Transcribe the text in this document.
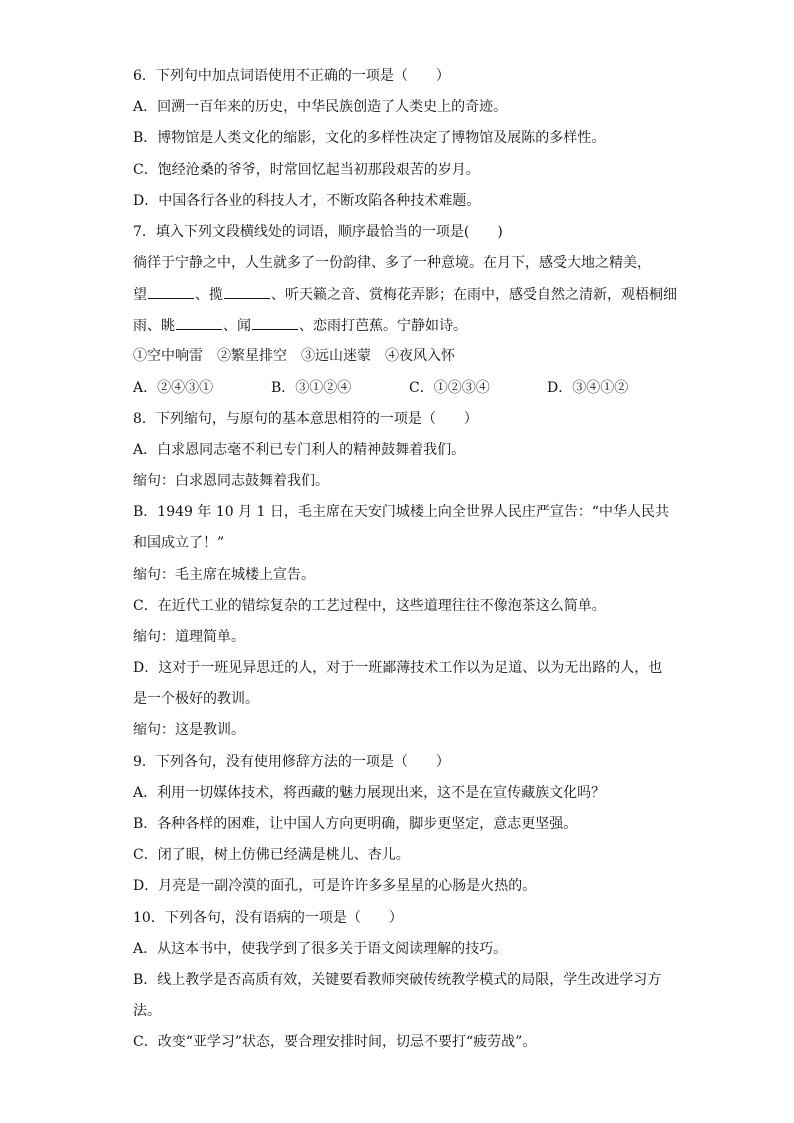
6．下列句中加点词语使用不正确的一项是（　　）
A．回溯一百年来的历史，中华民族创造了人类史上的奇迹。
B．博物馆是人类文化的缩影，文化的多样性决定了博物馆及展陈的多样性。
C．饱经沧桑的爷爷，时常回忆起当初那段艰苦的岁月。
D．中国各行各业的科技人才，不断攻陷各种技术难题。
7．填入下列文段横线处的词语，顺序最恰当的一项是(　　)
徜徉于宁静之中，人生就多了一份韵律、多了一种意境。在月下，感受大地之精美，
望	、揽	、听天籁之音、赏梅花弄影；在雨中，感受自然之清新，观梧桐细
雨、眺	、闻	、恋雨打芭蕉。宁静如诗。
①空中响雷　②繁星排空　③远山迷蒙　④夜风入怀
A．②④③①	B．③①②④	C．①②③④	D．③④①②
8．下列缩句，与原句的基本意思相符的一项是（　　）
A．白求恩同志毫不利已专门利人的精神鼓舞着我们。
缩句：白求恩同志鼓舞着我们。
B．1949 年 10 月 1 日，毛主席在天安门城楼上向全世界人民庄严宣告：“中华人民共
和国成立了！”
缩句：毛主席在城楼上宣告。
C．在近代工业的错综复杂的工艺过程中，这些道理往往不像泡茶这么简单。
缩句：道理简单。
D．这对于一班见异思迁的人，对于一班鄙薄技术工作以为足道、以为无出路的人，也
是一个极好的教训。
缩句：这是教训。
9．下列各句，没有使用修辞方法的一项是（　　）
A．利用一切媒体技术，将西藏的魅力展现出来，这不是在宣传藏族文化吗？
B．各种各样的困难，让中国人方向更明确，脚步更坚定，意志更坚强。
C．闭了眼，树上仿佛已经满是桃儿、杏儿。
D．月亮是一副冷漠的面孔，可是许许多多星星的心肠是火热的。
10．下列各句，没有语病的一项是（　　）
A．从这本书中，使我学到了很多关于语文阅读理解的技巧。
B．线上教学是否高质有效，关键要看教师突破传统教学模式的局限，学生改进学习方
法。
C．改变“亚学习”状态，要合理安排时间，切忌不要打“疲劳战”。
